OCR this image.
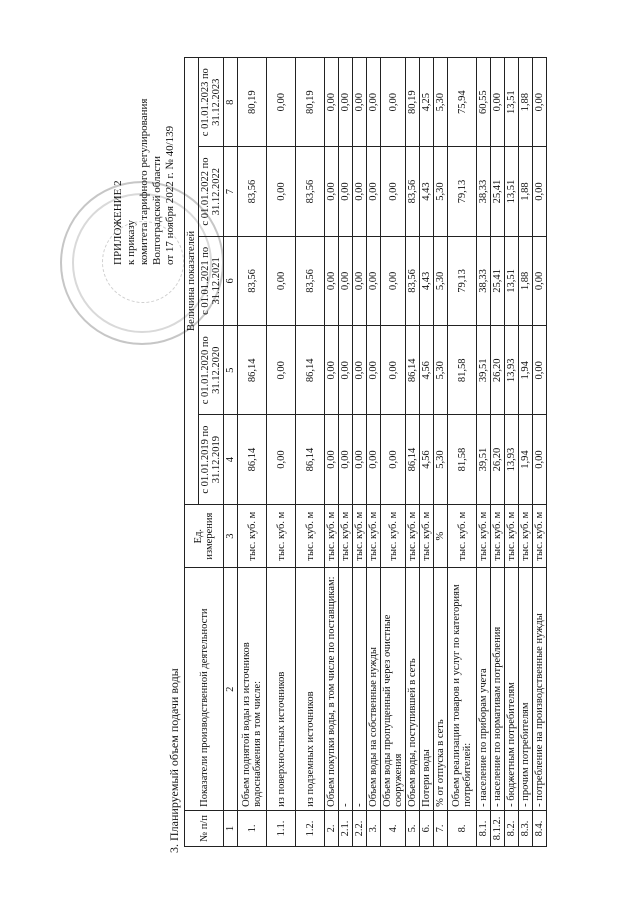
ПРИЛОЖЕНИЕ 2 к приказу комитета тарифного регулирования Волгоградской области от 17 ноября 2022 г. № 40/139
3. Планируемый объем подачи воды № п/п	Показатели производственной деятельности	Ед. измерения	Величина показателей				
			с 01.01.2019 по 31.12.2019	с 01.01.2020 по 31.12.2020	с 01.01.2021 по 31.12.2021	с 01.01.2022 по 31.12.2022	с 01.01.2023 по 31.12.2023
1	2	3	4	5	6	7	8
1.	Объем поднятой воды из источников водоснабжения в том числе:	тыс. куб. м	86,14	86,14	83,56	83,56	80,19
1.1.	из поверхностных источников	тыс. куб. м	0,00	0,00	0,00	0,00	0,00
1.2.	из подземных источников	тыс. куб. м	86,14	86,14	83,56	83,56	80,19
2.	Объем покупки воды, в том числе по поставщикам:	тыс. куб. м	0,00	0,00	0,00	0,00	0,00
2.1.	-	тыс. куб. м	0,00	0,00	0,00	0,00	0,00
2.2.	-	тыс. куб. м	0,00	0,00	0,00	0,00	0,00
3.	Объем воды на собственные нужды	тыс. куб. м	0,00	0,00	0,00	0,00	0,00
4.	Объем воды пропущенный через очистные сооружения	тыс. куб. м	0,00	0,00	0,00	0,00	0,00
5.	Объем воды, поступившей в сеть	тыс. куб. м	86,14	86,14	83,56	83,56	80,19
6.	Потери воды	тыс. куб. м	4,56	4,56	4,43	4,43	4,25
7.	% от отпуска в сеть	%	5,30	5,30	5,30	5,30	5,30
8.	Объем реализации товаров и услуг по категориям потребителей:	тыс. куб. м	81,58	81,58	79,13	79,13	75,94
8.1.	- население по приборам учета	тыс. куб. м	39,51	39,51	38,33	38,33	60,55
8.1.2.	- население по нормативам потребления	тыс. куб. м	26,20	26,20	25,41	25,41	0,00
8.2.	- бюджетным потребителям	тыс. куб. м	13,93	13,93	13,51	13,51	13,51
8.3.	- прочим потребителям	тыс. куб. м	1,94	1,94	1,88	1,88	1,88
8.4.	- потребление на производственные нужды	тыс. куб. м	0,00	0,00	0,00	0,00	0,00
